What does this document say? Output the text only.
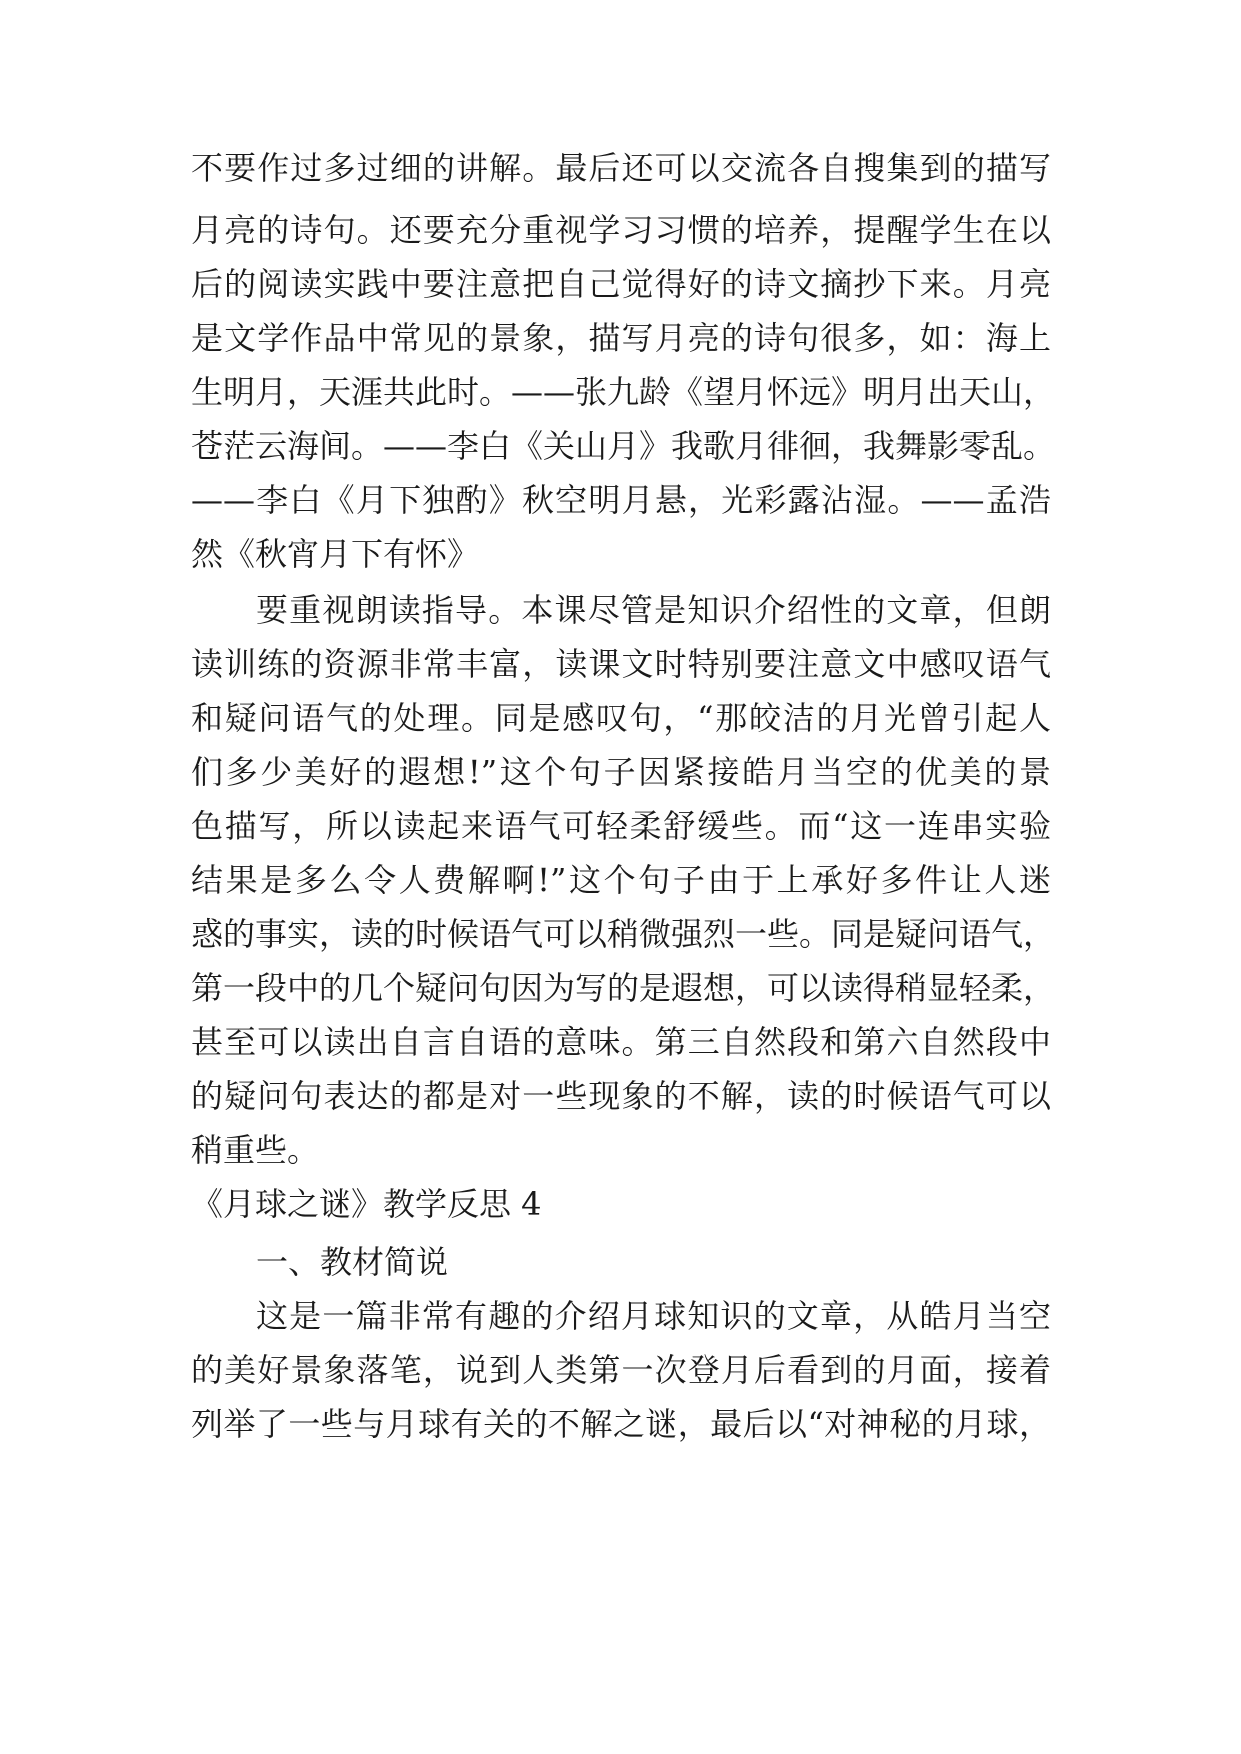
不要作过多过细的讲解。最后还可以交流各自搜集到的描写
月亮的诗句。还要充分重视学习习惯的培养，提醒学生在以
后的阅读实践中要注意把自己觉得好的诗文摘抄下来。月亮
是文学作品中常见的景象，描写月亮的诗句很多，如：海上
生明月，天涯共此时。——张九龄《望月怀远》明月出天山，
苍茫云海间。——李白《关山月》我歌月徘徊，我舞影零乱。
——李白《月下独酌》秋空明月悬，光彩露沾湿。——孟浩
然《秋宵月下有怀》
要重视朗读指导。本课尽管是知识介绍性的文章，但朗
读训练的资源非常丰富，读课文时特别要注意文中感叹语气
和疑问语气的处理。同是感叹句，“那皎洁的月光曾引起人
们多少美好的遐想!”这个句子因紧接皓月当空的优美的景
色描写，所以读起来语气可轻柔舒缓些。而“这一连串实验
结果是多么令人费解啊!”这个句子由于上承好多件让人迷
惑的事实，读的时候语气可以稍微强烈一些。同是疑问语气，
第一段中的几个疑问句因为写的是遐想，可以读得稍显轻柔，
甚至可以读出自言自语的意味。第三自然段和第六自然段中
的疑问句表达的都是对一些现象的不解，读的时候语气可以
稍重些。
《月球之谜》教学反思 4
一、教材简说
这是一篇非常有趣的介绍月球知识的文章，从皓月当空
的美好景象落笔，说到人类第一次登月后看到的月面，接着
列举了一些与月球有关的不解之谜，最后以“对神秘的月球，
